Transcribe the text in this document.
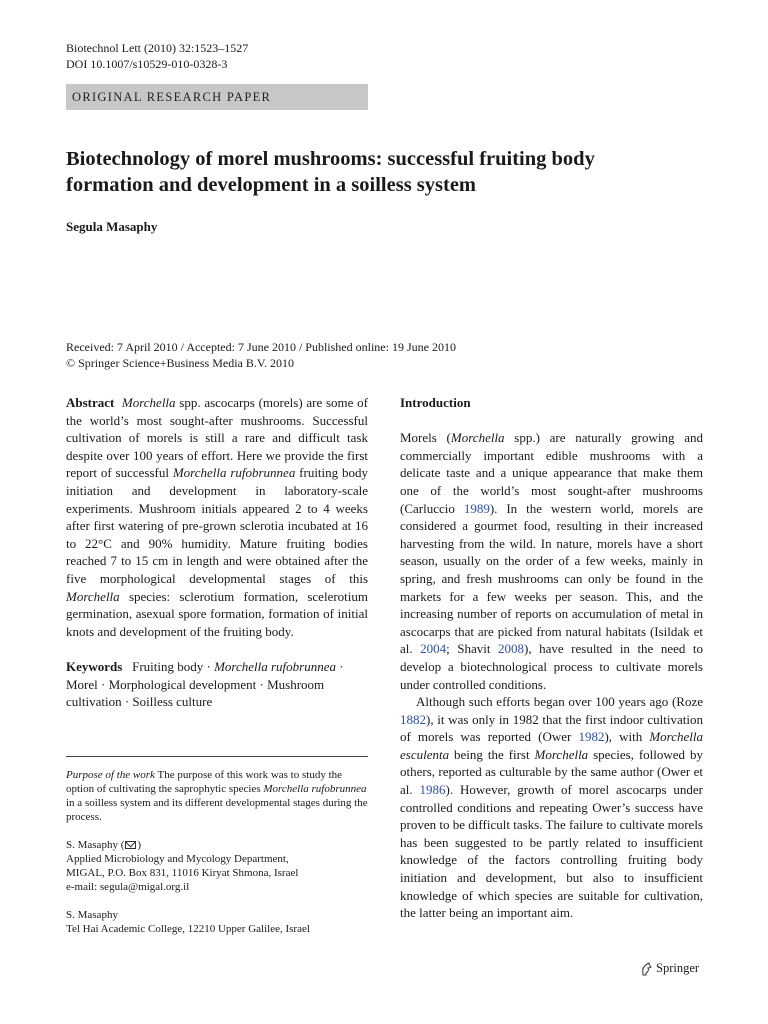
Biotechnol Lett (2010) 32:1523–1527
DOI 10.1007/s10529-010-0328-3
ORIGINAL RESEARCH PAPER
Biotechnology of morel mushrooms: successful fruiting body
formation and development in a soilless system
Segula Masaphy
Received: 7 April 2010 / Accepted: 7 June 2010 / Published online: 19 June 2010
© Springer Science+Business Media B.V. 2010

Abstract Morchella spp. ascocarps (morels) are some of the world’s most sought-after mushrooms. Successful cultivation of morels is still a rare and difficult task despite over 100 years of effort. Here we provide the first report of successful Morchella rufobrunnea fruiting body initiation and development in laboratory-scale experiments. Mushroom initials appeared 2 to 4 weeks after first watering of pre-grown sclerotia incubated at 16 to 22°C and 90% humidity. Mature fruiting bodies reached 7 to 15 cm in length and were obtained after the five morphological developmental stages of this Morchella species: sclerotium formation, scelerotium germination, asexual spore formation, formation of initial knots and development of the fruiting body.

Keywords Fruiting body · Morchella rufobrunnea · Morel · Morphological development · Mushroom cultivation · Soilless culture

Purpose of the work The purpose of this work was to study the option of cultivating the saprophytic species Morchella rufobrunnea in a soilless system and its different developmental stages during the process.
S. Masaphy ( )
Applied Microbiology and Mycology Department,
MIGAL, P.O. Box 831, 11016 Kiryat Shmona, Israel
e-mail: segula@migal.org.il
S. Masaphy
Tel Hai Academic College, 12210 Upper Galilee, Israel

Introduction

Morels (Morchella spp.) are naturally growing and commercially important edible mushrooms with a delicate taste and a unique appearance that make them one of the world’s most sought-after mushrooms (Carluccio 1989). In the western world, morels are considered a gourmet food, resulting in their increased harvesting from the wild. In nature, morels have a short season, usually on the order of a few weeks, mainly in spring, and fresh mushrooms can only be found in the markets for a few weeks per season. This, and the increasing number of reports on accumulation of metal in ascocarps that are picked from natural habitats (Isildak et al. 2004; Shavit 2008), have resulted in the need to develop a biotechnological process to cultivate morels under controlled conditions.

Although such efforts began over 100 years ago (Roze 1882), it was only in 1982 that the first indoor cultivation of morels was reported (Ower 1982), with Morchella esculenta being the first Morchella species, followed by others, reported as culturable by the same author (Ower et al. 1986). However, growth of morel ascocarps under controlled conditions and repeating Ower’s success have proven to be difficult tasks. The failure to cultivate morels has been suggested to be partly related to insufficient knowledge of the factors controlling fruiting body initiation and development, but also to insufficient knowledge of which species are suitable for cultivation, the latter being an important aim.

Springer
